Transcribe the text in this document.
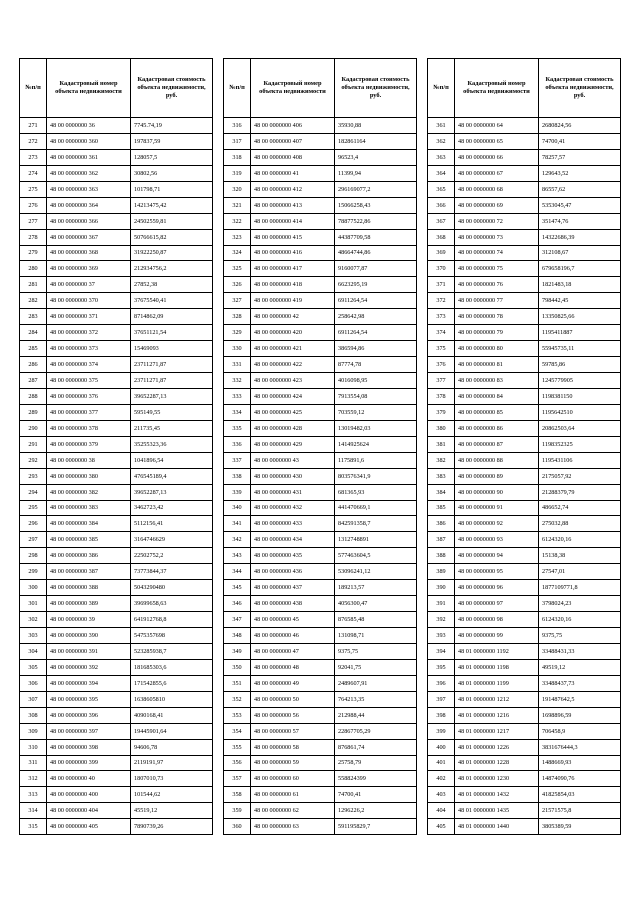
№п/п	Кадастровый номер объекта недвижимости	Кадастровая стоимость объекта недвижимости, руб.
271	48 00 0000000 36	7745.74,19
272	48 00 0000000 360	197837,59
273	48 00 0000000 361	128057,5
274	48 00 0000000 362	30802,56
275	48 00 0000000 363	101798,71
276	48 00 0000000 364	14213475,42
277	48 00 0000000 366	24502559,81
278	48 00 0000000 367	50766615,82
279	48 00 0000000 368	31922250,87
280	48 00 0000000 369	212934756,2
281	48 00 0000000 37	27852,38
282	48 00 0000000 370	37675540,41
283	48 00 0000000 371	8714862,09
284	48 00 0000000 372	37651121,54
285	48 00 0000000 373	15469093
286	48 00 0000000 374	23711271,87
287	48 00 0000000 375	23711271,87
288	48 00 0000000 376	39652287,13
289	48 00 0000000 377	595149,55
290	48 00 0000000 378	211735,45
291	48 00 0000000 379	35255323,36
292	48 00 0000000 38	1041896,54
293	48 00 0000000 380	476545189,4
294	48 00 0000000 382	39652287,13
295	48 00 0000000 383	3462723,42
296	48 00 0000000 384	5112156,41
297	48 00 0000000 385	3164746629
298	48 00 0000000 386	22502752,2
299	48 00 0000000 387	73773844,37
300	48 00 0000000 388	5043290480
301	48 00 0000000 389	39699658,63
302	48 00 0000000 39	641912768,8
303	48 00 0000000 390	5475357698
304	48 00 0000000 391	523285938,7
305	48 00 0000000 392	181685303,6
306	48 00 0000000 394	171542855,6
307	48 00 0000000 395	1638605810
308	48 00 0000000 396	4090168,41
309	48 00 0000000 397	19445901,64
310	48 00 0000000 398	94606,78
311	48 00 0000000 399	2119191,97
312	48 00 0000000 40	1807010,73
313	48 00 0000000 400	101544,62
314	48 00 0000000 404	45519,12
315	48 00 0000000 405	7890739,26
№п/п	Кадастровый номер объекта недвижимости	Кадастровая стоимость объекта недвижимости, руб.
316	48 00 0000000 406	35930,88
317	48 00 0000000 407	182861164
318	48 00 0000000 408	96523,4
319	48 00 0000000 41	11399,94
320	48 00 0000000 412	296169077,2
321	48 00 0000000 413	15066258,43
322	48 00 0000000 414	78877522,86
323	48 00 0000000 415	44387709,58
324	48 00 0000000 416	48664744,86
325	48 00 0000000 417	9160077,87
326	48 00 0000000 418	6623295,19
327	48 00 0000000 419	6911264,54
328	48 00 0000000 42	258642,98
329	48 00 0000000 420	6911264,54
330	48 00 0000000 421	386594,86
331	48 00 0000000 422	87774,78
332	48 00 0000000 423	4016098,95
333	48 00 0000000 424	7913554,08
334	48 00 0000000 425	703559,12
335	48 00 0000000 428	13019482,03
336	48 00 0000000 429	1414925624
337	48 00 0000000 43	1175891,6
338	48 00 0000000 430	803576341,9
339	48 00 0000000 431	681365,93
340	48 00 0000000 432	441470669,1
341	48 00 0000000 433	842591358,7
342	48 00 0000000 434	1312748891
343	48 00 0000000 435	577463604,5
344	48 00 0000000 436	53096241,12
345	48 00 0000000 437	189213,57
346	48 00 0000000 438	4056300,47
347	48 00 0000000 45	876585,48
348	48 00 0000000 46	131098,71
349	48 00 0000000 47	9375,75
350	48 00 0000000 48	92041,75
351	48 00 0000000 49	2489607,91
352	48 00 0000000 50	764213,35
353	48 00 0000000 56	212988,44
354	48 00 0000000 57	22867705,29
355	48 00 0000000 58	876861,74
356	48 00 0000000 59	25758,79
357	48 00 0000000 60	558824399
358	48 00 0000000 61	74700,41
359	48 00 0000000 62	1296226,2
360	48 00 0000000 63	591195829,7
№п/п	Кадастровый номер объекта недвижимости	Кадастровая стоимость объекта недвижимости, руб.
361	48 00 0000000 64	2680824,56
362	48 00 0000000 65	74700,41
363	48 00 0000000 66	78257,57
364	48 00 0000000 67	129643,52
365	48 00 0000000 68	86557,62
366	48 00 0000000 69	5353045,47
367	48 00 0000000 72	351474,76
368	48 00 0000000 73	14322686,39
369	48 00 0000000 74	312108,67
370	48 00 0000000 75	679658196,7
371	48 00 0000000 76	1821483,18
372	48 00 0000000 77	798442,45
373	48 00 0000000 78	13350825,66
374	48 00 0000000 79	1195411887
375	48 00 0000000 80	55945735,11
376	48 00 0000000 81	59785,86
377	48 00 0000000 83	1245779905
378	48 00 0000000 84	1198381150
379	48 00 0000000 85	1195642510
380	48 00 0000000 86	20862503,64
381	48 00 0000000 87	1198352325
382	48 00 0000000 88	1195431106
383	48 00 0000000 89	2175057,92
384	48 00 0000000 90	21288379,79
385	48 00 0000000 91	486652,74
386	48 00 0000000 92	275032,88
387	48 00 0000000 93	6124320,16
388	48 00 0000000 94	15138,38
389	48 00 0000000 95	27547,01
390	48 00 0000000 96	1877109771,8
391	48 00 0000000 97	3798024,23
392	48 00 0000000 98	6124320,16
393	48 00 0000000 99	9375,75
394	48 01 0000000 1192	33488431,33
395	48 01 0000000 1198	49519,12
396	48 01 0000000 1199	33488437,73
397	48 01 0000000 1212	191487642,5
398	48 01 0000000 1216	1698896,59
399	48 01 0000000 1217	706458,9
400	48 01 0000000 1226	3831676444,3
401	48 01 0000000 1228	1488669,93
402	48 01 0000000 1230	14874090,76
403	48 01 0000000 1432	41825854,03
404	48 01 0000000 1435	21571575,8
405	48 01 0000000 1440	3805389,59
